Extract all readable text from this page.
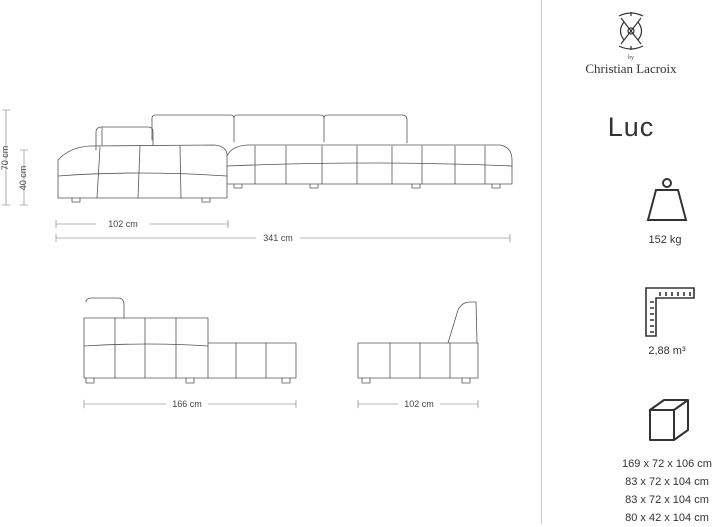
70 cm
40 cm
102 cm
341 cm
166 cm	102 cm
by
Christian Lacroix
Luc
152 kg
2,88 m³
169 x 72 x 106 cm
83 x 72 x 104 cm
83 x 72 x 104 cm
80 x 42 x 104 cm
